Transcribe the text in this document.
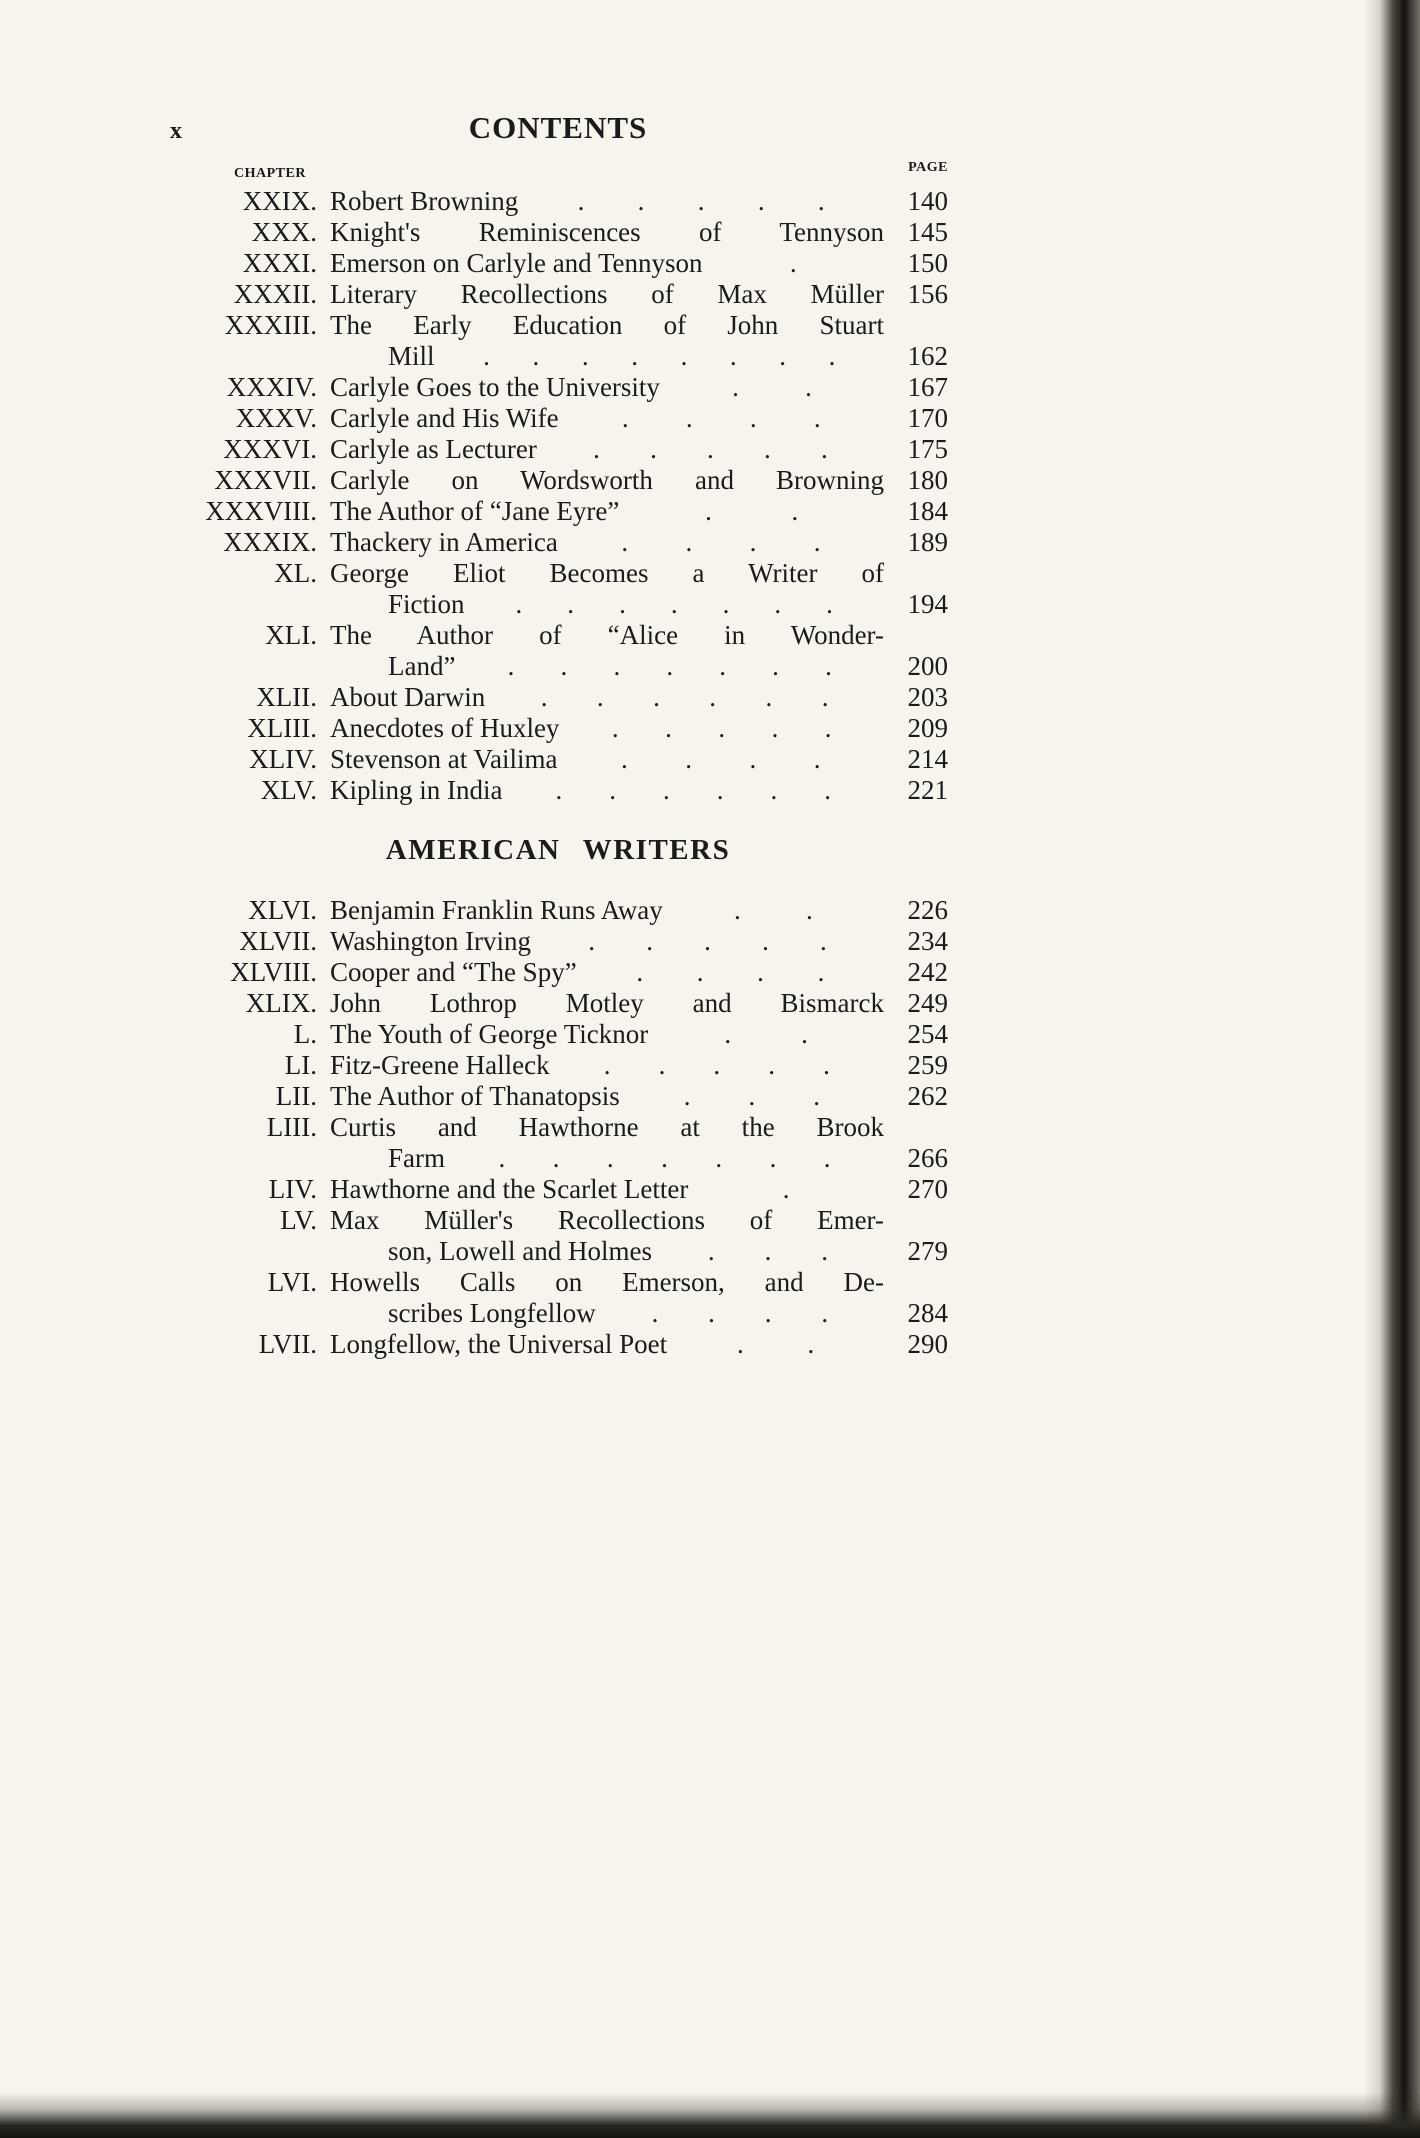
x	CONTENTS
CHAPTER	PAGE
XXIX. Robert Browning . . . . .	140
XXX. Knight's Reminiscences of Tennyson 145
XXXI. Emerson on Carlyle and Tennyson	.	150
XXXII. Literary Recollections of Max Müller 156
XXXIII. The Early Education of John Stuart
Mill . . . . . . . .	162
XXXIV. Carlyle Goes to the University	. .	167
XXXV. Carlyle and His Wife . . . .	170
XXXVI. Carlyle as Lecturer . . . . .	175
XXXVII. Carlyle on Wordsworth and Browning 180
XXXVIII. The Author of “Jane Eyre”	.	.	184
XXXIX. Thackery in America . . . .	189
XL. George Eliot Becomes a Writer of
Fiction . . . . . . .	194
XLI. The Author of “Alice in Wonder-
Land” . . . . . . .	200
XLII. About Darwin . . . . . .	203
XLIII. Anecdotes of Huxley . . . . .	209
XLIV. Stevenson at Vailima . . . .	214
XLV. Kipling in India . . . . . .	221
AMERICAN WRITERS
XLVI. Benjamin Franklin Runs Away	. .	226
XLVII. Washington Irving . . . . .	234
XLVIII. Cooper and “The Spy” . . . .	242
XLIX. John Lothrop Motley and Bismarck 249
L. The Youth of George Ticknor	.	.	254
LI. Fitz-Greene Halleck . . . . .	259
LII. The Author of Thanatopsis . . .	262
LIII. Curtis and Hawthorne at the Brook
Farm . . . . . . .	266
LIV. Hawthorne and the Scarlet Letter	.	270
LV. Max Müller's Recollections of Emer-
son, Lowell and Holmes . . .	279
LVI. Howells Calls on Emerson, and De-
scribes Longfellow . . . .	284
LVII. Longfellow, the Universal Poet	. .	290
